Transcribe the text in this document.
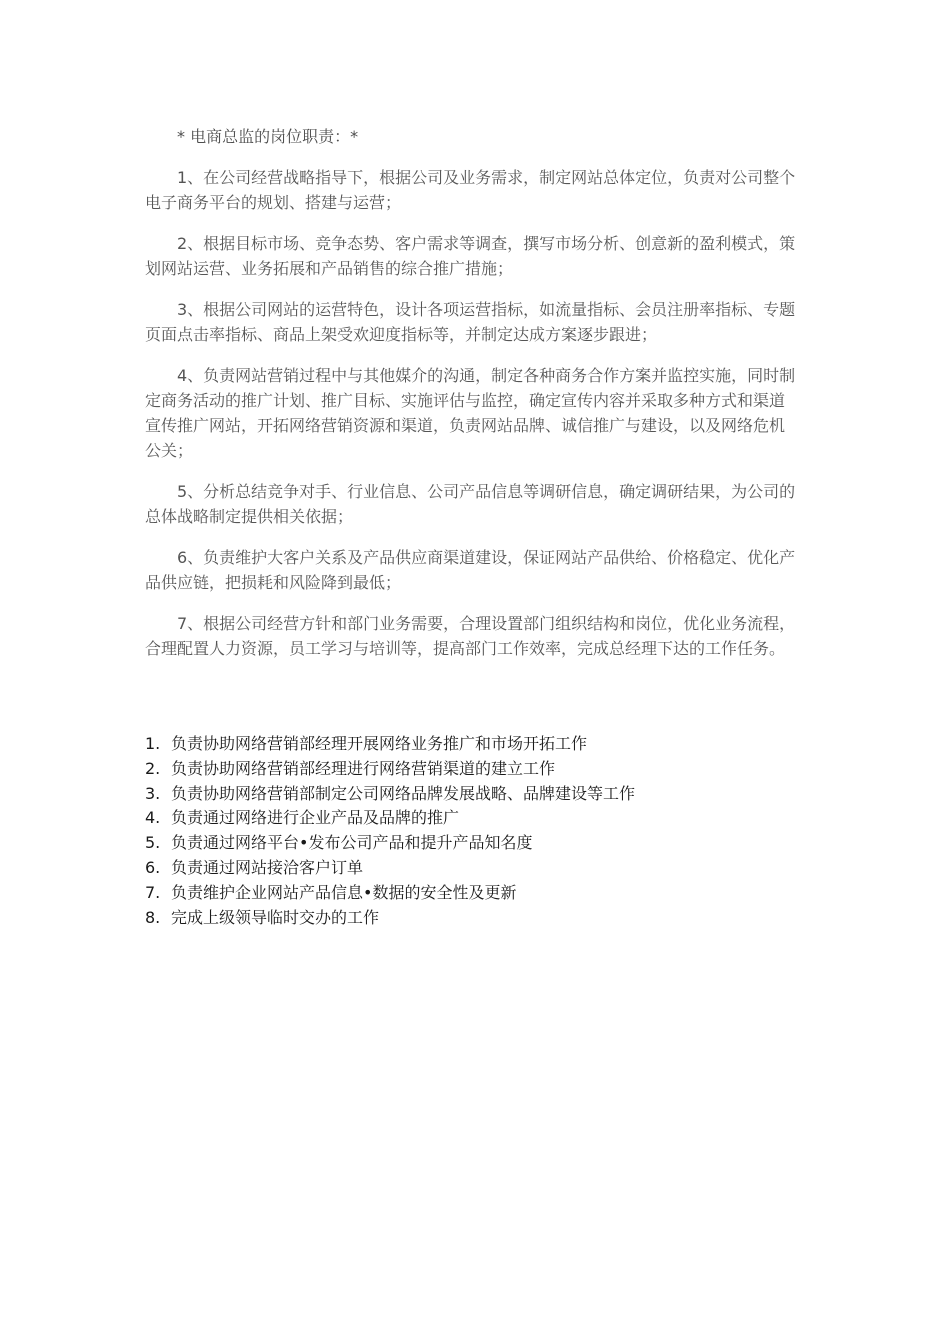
* 电商总监的岗位职责：*

1、在公司经营战略指导下，根据公司及业务需求，制定网站总体定位，负责对公司整个电子商务平台的规划、搭建与运营；

2、根据目标市场、竞争态势、客户需求等调查，撰写市场分析、创意新的盈利模式，策划网站运营、业务拓展和产品销售的综合推广措施；

3、根据公司网站的运营特色，设计各项运营指标，如流量指标、会员注册率指标、专题页面点击率指标、商品上架受欢迎度指标等，并制定达成方案逐步跟进；

4、负责网站营销过程中与其他媒介的沟通，制定各种商务合作方案并监控实施，同时制定商务活动的推广计划、推广目标、实施评估与监控，确定宣传内容并采取多种方式和渠道宣传推广网站，开拓网络营销资源和渠道，负责网站品牌、诚信推广与建设，以及网络危机公关；

5、分析总结竞争对手、行业信息、公司产品信息等调研信息，确定调研结果，为公司的总体战略制定提供相关依据；

6、负责维护大客户关系及产品供应商渠道建设，保证网站产品供给、价格稳定、优化产品供应链，把损耗和风险降到最低；

7、根据公司经营方针和部门业务需要，合理设置部门组织结构和岗位，优化业务流程，合理配置人力资源，员工学习与培训等，提高部门工作效率，完成总经理下达的工作任务。

1. 负责协助网络营销部经理开展网络业务推广和市场开拓工作
2. 负责协助网络营销部经理进行网络营销渠道的建立工作
3. 负责协助网络营销部制定公司网络品牌发展战略、品牌建设等工作
4. 负责通过网络进行企业产品及品牌的推广
5. 负责通过网络平台•发布公司产品和提升产品知名度
6. 负责通过网站接洽客户订单
7. 负责维护企业网站产品信息•数据的安全性及更新
8. 完成上级领导临时交办的工作
